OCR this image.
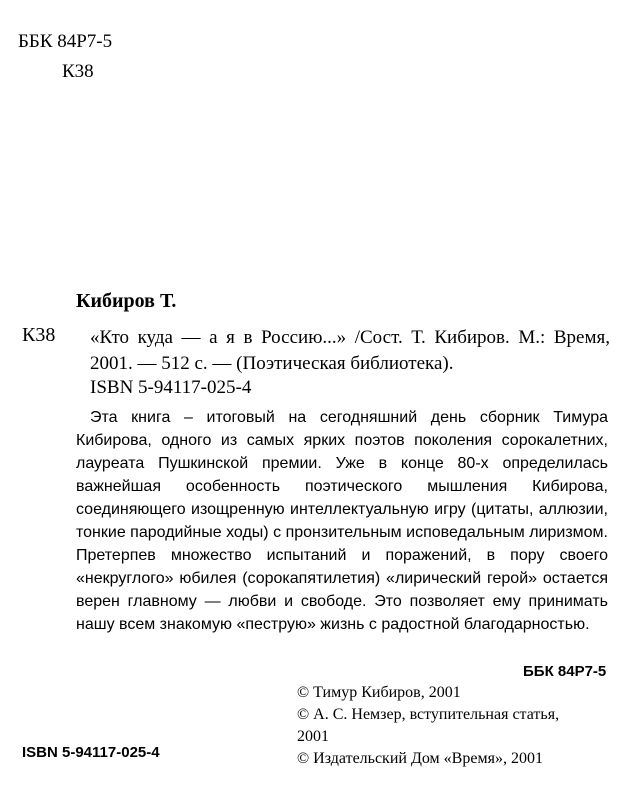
ББК 84Р7-5
К38
Кибиров Т.
К38 «Кто куда — а я в Россию...» /Сост. Т. Кибиров. М.: Время, 2001. — 512 с. — (Поэтическая библиотека).
ISBN 5-94117-025-4
Эта книга – итоговый на сегодняшний день сборник Тимура Кибирова, одного из самых ярких поэтов поколения сорокалетних, лауреата Пушкинской премии. Уже в конце 80-х определилась важнейшая особенность поэтического мышления Кибирова, соединяющего изощренную интеллектуальную игру (цитаты, аллюзии, тонкие пародийные ходы) с пронзительным исповедальным лиризмом. Претерпев множество испытаний и поражений, в пору своего «некруглого» юбилея (сорокапятилетия) «лирический герой» остается верен главному — любви и свободе. Это позволяет ему принимать нашу всем знакомую «пеструю» жизнь с радостной благодарностью.
ББК 84Р7-5
© Тимур Кибиров, 2001
© А. С. Немзер, вступительная статья,
2001
© Издательский Дом «Время», 2001
ISBN 5-94117-025-4
